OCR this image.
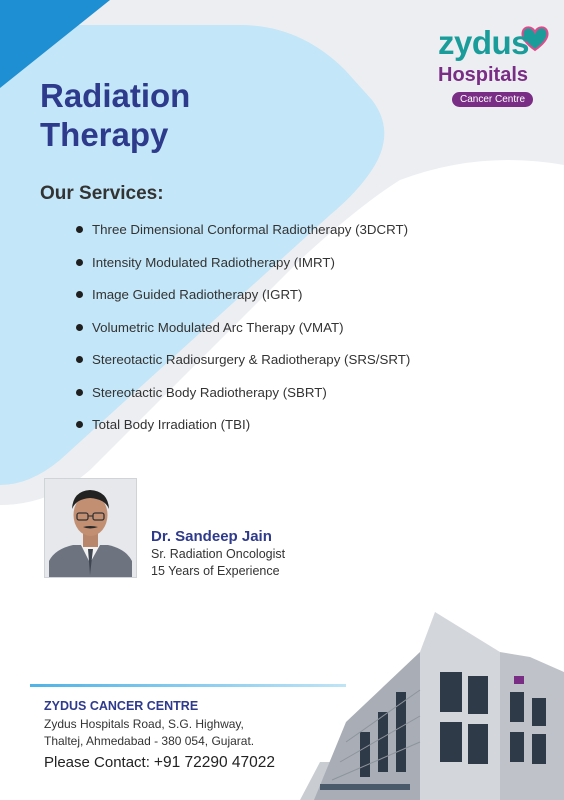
zydus
Hospitals
Cancer Centre
Radiation Therapy
Our Services:
Three Dimensional Conformal Radiotherapy (3DCRT)
Intensity Modulated Radiotherapy (IMRT)
Image Guided Radiotherapy (IGRT)
Volumetric Modulated Arc Therapy (VMAT)
Stereotactic Radiosurgery & Radiotherapy (SRS/SRT)
Stereotactic Body Radiotherapy (SBRT)
Total Body Irradiation (TBI)
Dr. Sandeep Jain
Sr. Radiation Oncologist
15 Years of Experience
ZYDUS CANCER CENTRE
Zydus Hospitals Road, S.G. Highway,
Thaltej, Ahmedabad - 380 054, Gujarat.
Please Contact: +91 72290 47022
